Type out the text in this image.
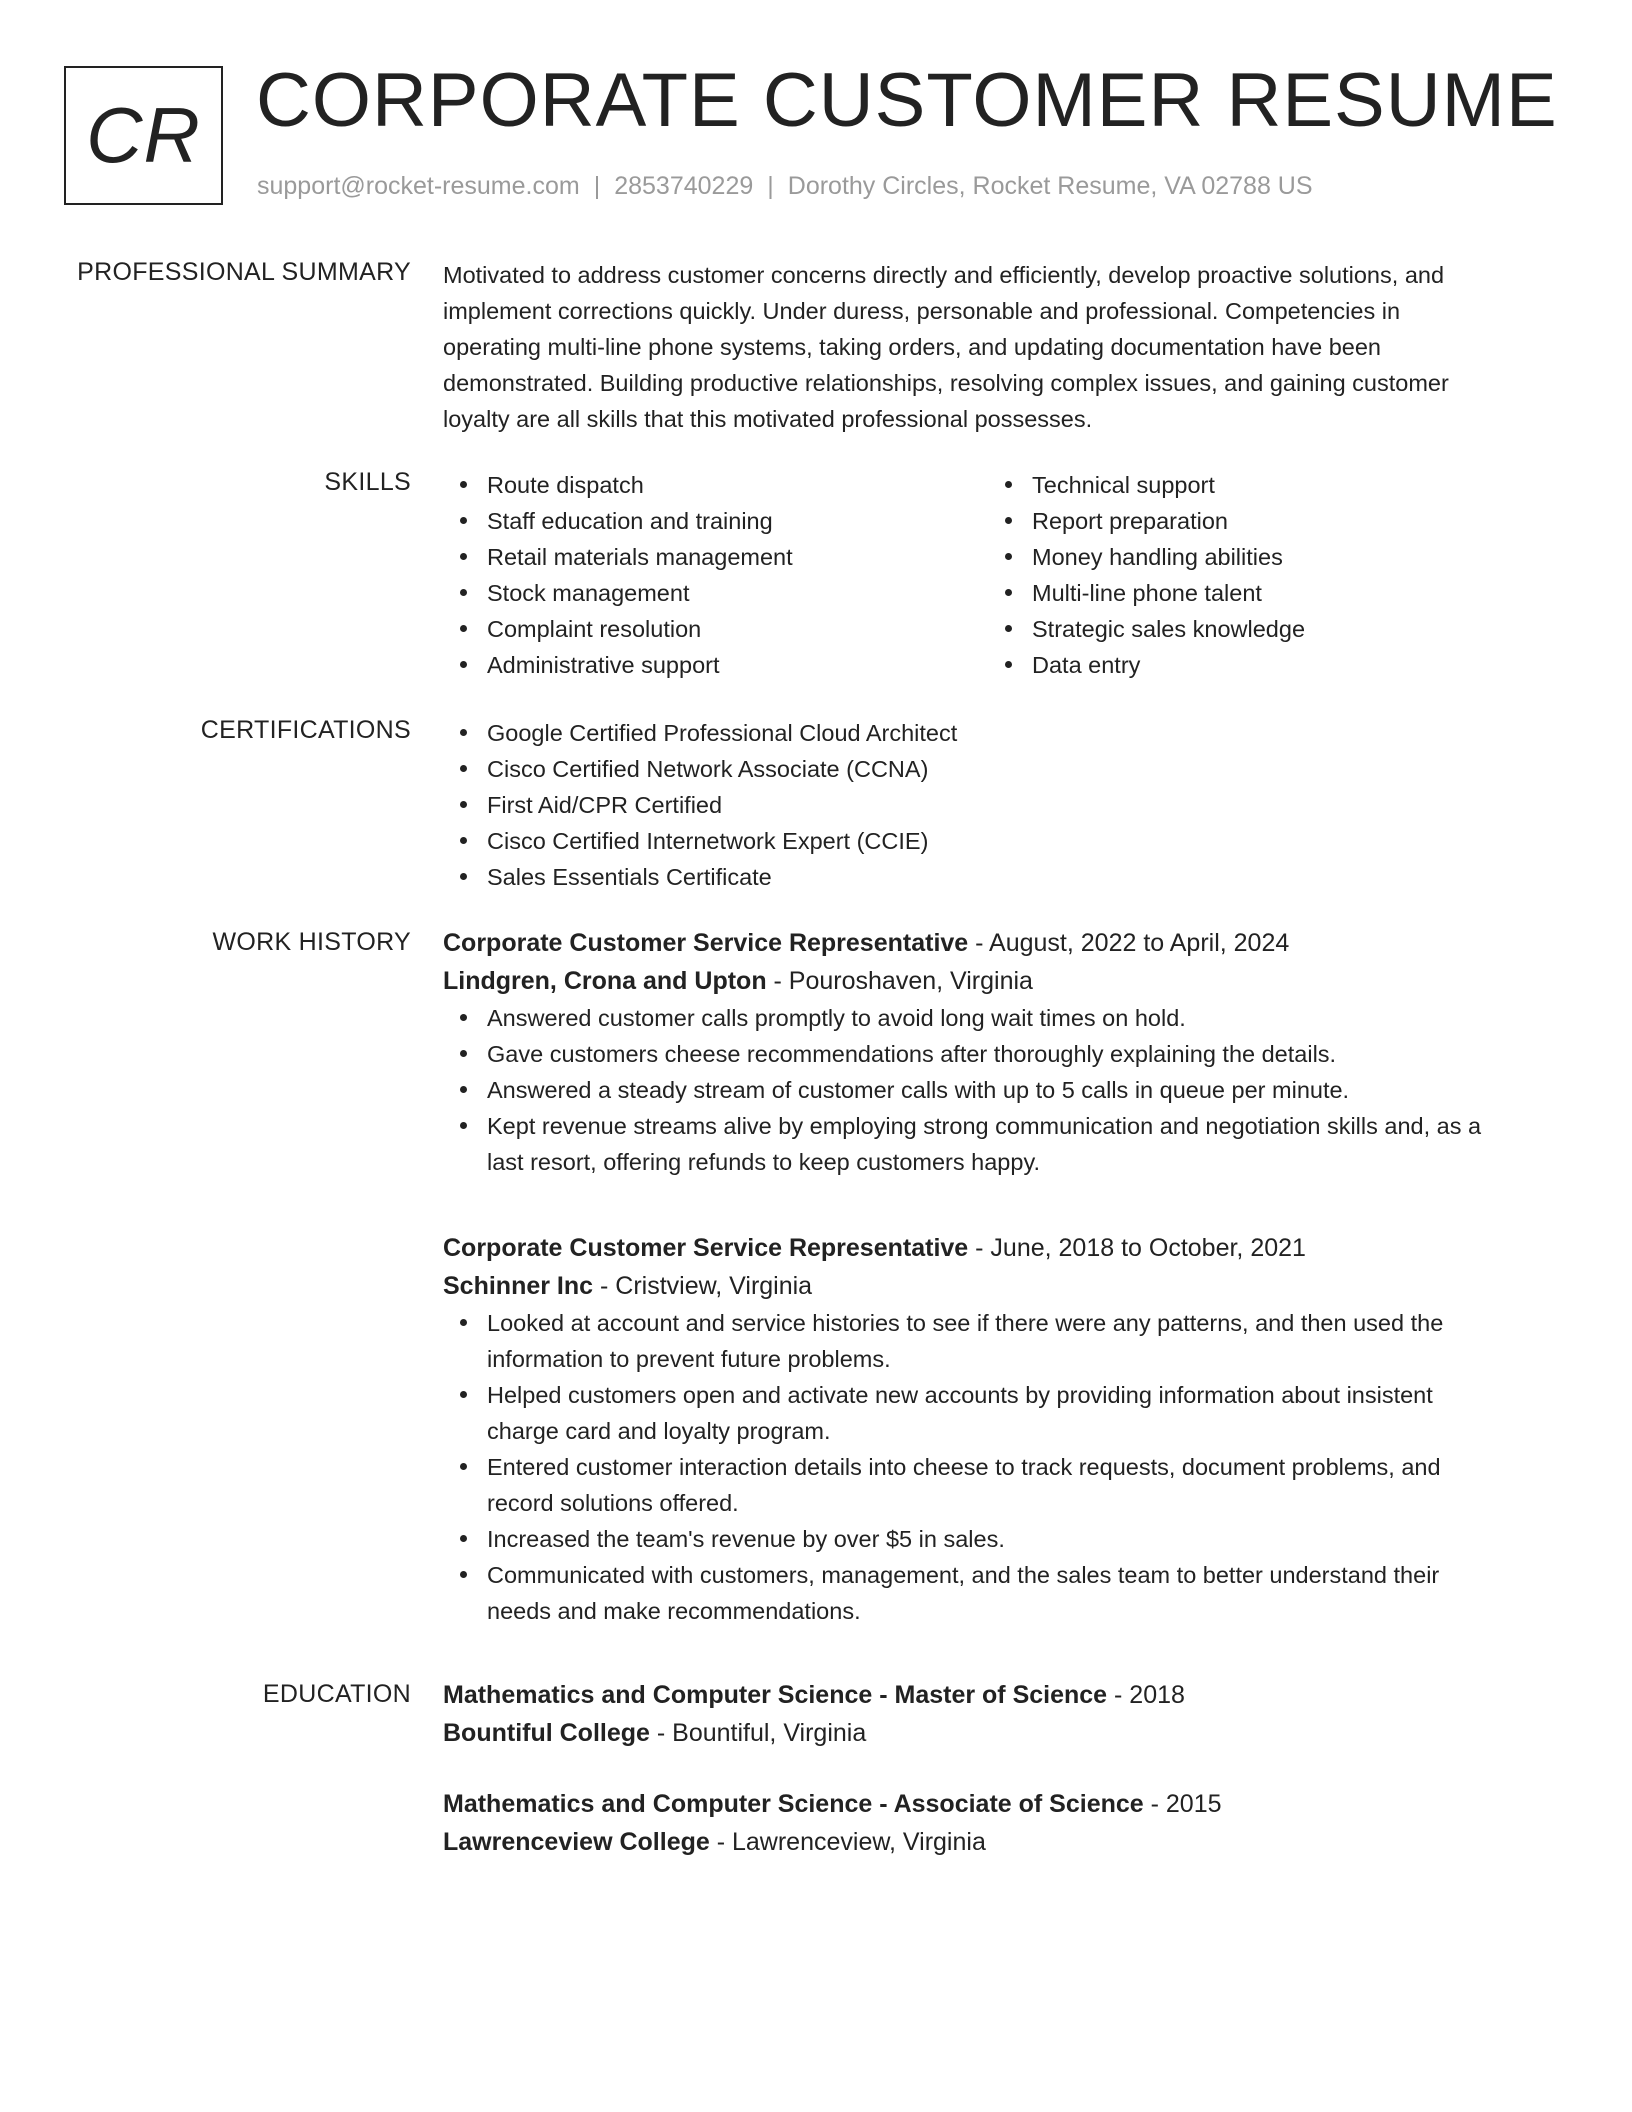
CR CORPORATE CUSTOMER RESUME
support@rocket-resume.com | 2853740229 | Dorothy Circles, Rocket Resume, VA 02788 US
PROFESSIONAL SUMMARY Motivated to address customer concerns directly and efficiently, develop proactive solutions, and
implement corrections quickly. Under duress, personable and professional. Competencies in
operating multi-line phone systems, taking orders, and updating documentation have been
demonstrated. Building productive relationships, resolving complex issues, and gaining customer
loyalty are all skills that this motivated professional possesses.
SKILLS	Route dispatch
Staff education and training
Retail materials management
Stock management
Complaint resolution
Administrative support
Technical support
Report preparation
Money handling abilities
Multi-line phone talent
Strategic sales knowledge
Data entry
CERTIFICATIONS	Google Certified Professional Cloud Architect
Cisco Certified Network Associate (CCNA)
First Aid/CPR Certified
Cisco Certified Internetwork Expert (CCIE)
Sales Essentials Certificate
WORK HISTORY Corporate Customer Service Representative - August, 2022 to April, 2024
Lindgren, Crona and Upton - Pouroshaven, Virginia
Answered customer calls promptly to avoid long wait times on hold.
Gave customers cheese recommendations after thoroughly explaining the details.
Answered a steady stream of customer calls with up to 5 calls in queue per minute.
Kept revenue streams alive by employing strong communication and negotiation skills and, as a
last resort, offering refunds to keep customers happy.
Corporate Customer Service Representative - June, 2018 to October, 2021
Schinner Inc - Cristview, Virginia
Looked at account and service histories to see if there were any patterns, and then used the
information to prevent future problems.
Helped customers open and activate new accounts by providing information about insistent
charge card and loyalty program.
Entered customer interaction details into cheese to track requests, document problems, and
record solutions offered.
Increased the team's revenue by over $5 in sales.
Communicated with customers, management, and the sales team to better understand their
needs and make recommendations.
EDUCATION Mathematics and Computer Science - Master of Science - 2018
Bountiful College - Bountiful, Virginia
Mathematics and Computer Science - Associate of Science - 2015
Lawrenceview College - Lawrenceview, Virginia
